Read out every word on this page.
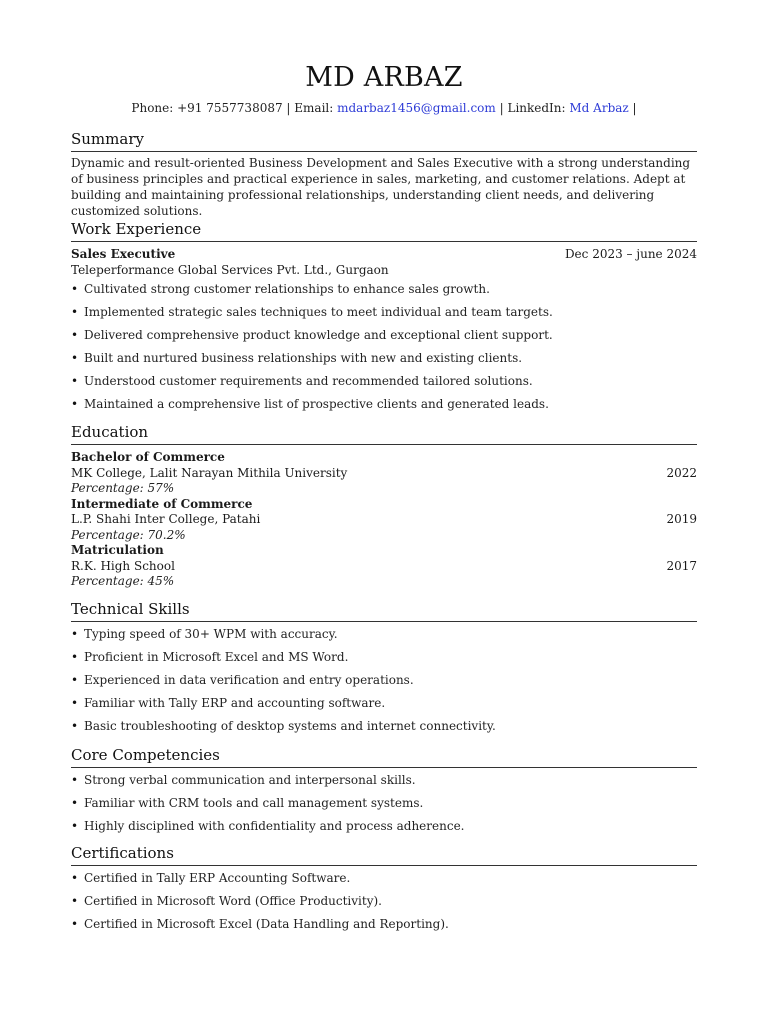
MD ARBAZ
Phone: +91 7557738087 | Email: mdarbaz1456@gmail.com | LinkedIn: Md Arbaz |
Summary
Dynamic and result-oriented Business Development and Sales Executive with a strong understanding of business principles and practical experience in sales, marketing, and customer relations. Adept at building and maintaining professional relationships, understanding client needs, and delivering customized solutions.
Work Experience
Sales Executive	Dec 2023 – june 2024
Teleperformance Global Services Pvt. Ltd., Gurgaon
• Cultivated strong customer relationships to enhance sales growth.
• Implemented strategic sales techniques to meet individual and team targets.
• Delivered comprehensive product knowledge and exceptional client support.
• Built and nurtured business relationships with new and existing clients.
• Understood customer requirements and recommended tailored solutions.
• Maintained a comprehensive list of prospective clients and generated leads.
Education
Bachelor of Commerce
MK College, Lalit Narayan Mithila University	2022
Percentage: 57%
Intermediate of Commerce
L.P. Shahi Inter College, Patahi	2019
Percentage: 70.2%
Matriculation
R.K. High School	2017
Percentage: 45%
Technical Skills
• Typing speed of 30+ WPM with accuracy.
• Proficient in Microsoft Excel and MS Word.
• Experienced in data verification and entry operations.
• Familiar with Tally ERP and accounting software.
• Basic troubleshooting of desktop systems and internet connectivity.
Core Competencies
• Strong verbal communication and interpersonal skills.
• Familiar with CRM tools and call management systems.
• Highly disciplined with confidentiality and process adherence.
Certifications
• Certified in Tally ERP Accounting Software.
• Certified in Microsoft Word (Office Productivity).
• Certified in Microsoft Excel (Data Handling and Reporting).
